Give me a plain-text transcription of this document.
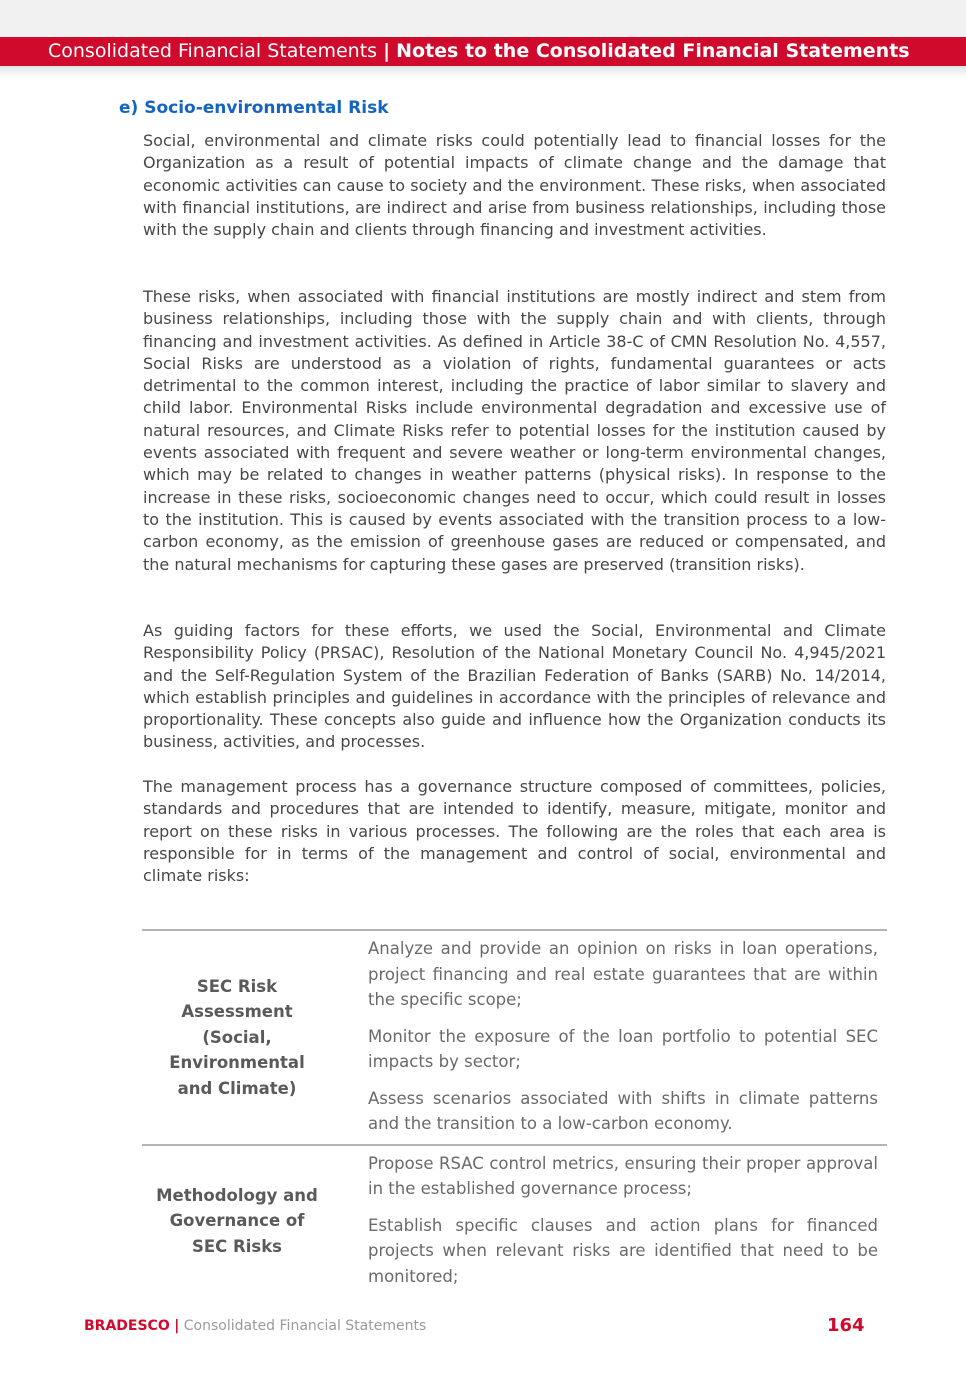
Consolidated Financial Statements | Notes to the Consolidated Financial Statements
e) Socio-environmental Risk

Social, environmental and climate risks could potentially lead to financial losses for the Organization as a result of potential impacts of climate change and the damage that economic activities can cause to society and the environment. These risks, when associated with financial institutions, are indirect and arise from business relationships, including those with the supply chain and clients through financing and investment activities.

These risks, when associated with financial institutions are mostly indirect and stem from business relationships, including those with the supply chain and with clients, through financing and investment activities. As defined in Article 38-C of CMN Resolution No. 4,557, Social Risks are understood as a violation of rights, fundamental guarantees or acts detrimental to the common interest, including the practice of labor similar to slavery and child labor. Environmental Risks include environmental degradation and excessive use of natural resources, and Climate Risks refer to potential losses for the institution caused by events associated with frequent and severe weather or long-term environmental changes, which may be related to changes in weather patterns (physical risks). In response to the increase in these risks, socioeconomic changes need to occur, which could result in losses to the institution. This is caused by events associated with the transition process to a low-carbon economy, as the emission of greenhouse gases are reduced or compensated, and the natural mechanisms for capturing these gases are preserved (transition risks).

As guiding factors for these efforts, we used the Social, Environmental and Climate Responsibility Policy (PRSAC), Resolution of the National Monetary Council No. 4,945/2021 and the Self-Regulation System of the Brazilian Federation of Banks (SARB) No. 14/2014, which establish principles and guidelines in accordance with the principles of relevance and proportionality. These concepts also guide and influence how the Organization conducts its business, activities, and processes.

The management process has a governance structure composed of committees, policies, standards and procedures that are intended to identify, measure, mitigate, monitor and report on these risks in various processes. The following are the roles that each area is responsible for in terms of the management and control of social, environmental and climate risks:

SEC Risk Assessment (Social, Environmental and Climate)

Analyze and provide an opinion on risks in loan operations, project financing and real estate guarantees that are within the specific scope;

Monitor the exposure of the loan portfolio to potential SEC impacts by sector;

Assess scenarios associated with shifts in climate patterns and the transition to a low-carbon economy.

Methodology and Governance of SEC Risks

Propose RSAC control metrics, ensuring their proper approval in the established governance process;

Establish specific clauses and action plans for financed projects when relevant risks are identified that need to be monitored;

BRADESCO | Consolidated Financial Statements	164
